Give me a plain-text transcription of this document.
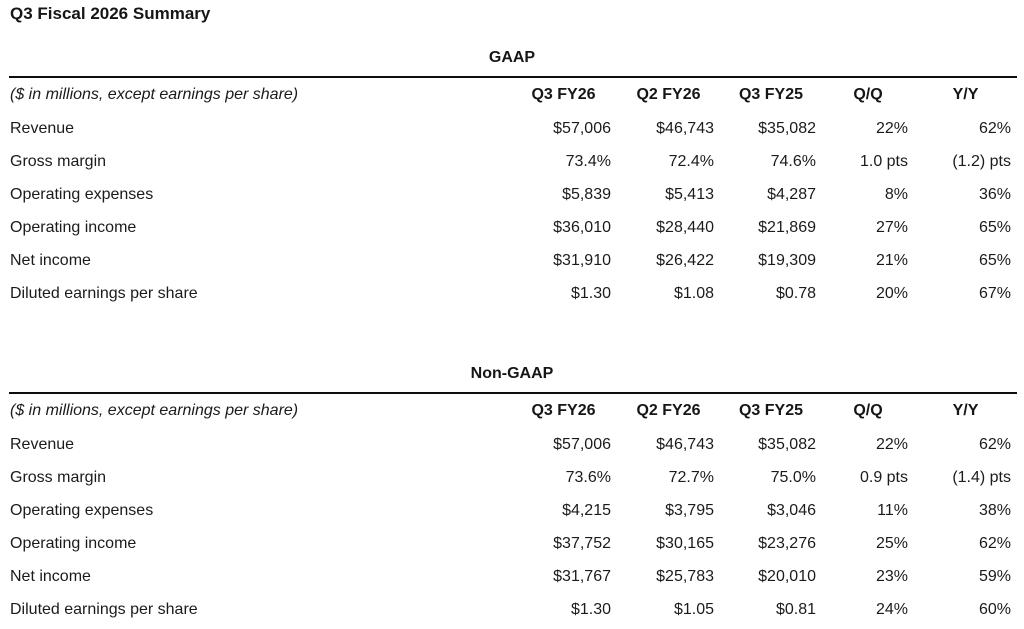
Q3 Fiscal 2026 Summary
GAAP
($ in millions, except earnings per share)	Q3 FY26	Q2 FY26	Q3 FY25	Q/Q	Y/Y
Revenue	$57,006	$46,743	$35,082	22%	62%
Gross margin	73.4%	72.4%	74.6%	1.0 pts	(1.2) pts
Operating expenses	$5,839	$5,413	$4,287	8%	36%
Operating income	$36,010	$28,440	$21,869	27%	65%
Net income	$31,910	$26,422	$19,309	21%	65%
Diluted earnings per share	$1.30	$1.08	$0.78	20%	67%
Non-GAAP
($ in millions, except earnings per share)	Q3 FY26	Q2 FY26	Q3 FY25	Q/Q	Y/Y
Revenue	$57,006	$46,743	$35,082	22%	62%
Gross margin	73.6%	72.7%	75.0%	0.9 pts	(1.4) pts
Operating expenses	$4,215	$3,795	$3,046	11%	38%
Operating income	$37,752	$30,165	$23,276	25%	62%
Net income	$31,767	$25,783	$20,010	23%	59%
Diluted earnings per share	$1.30	$1.05	$0.81	24%	60%
